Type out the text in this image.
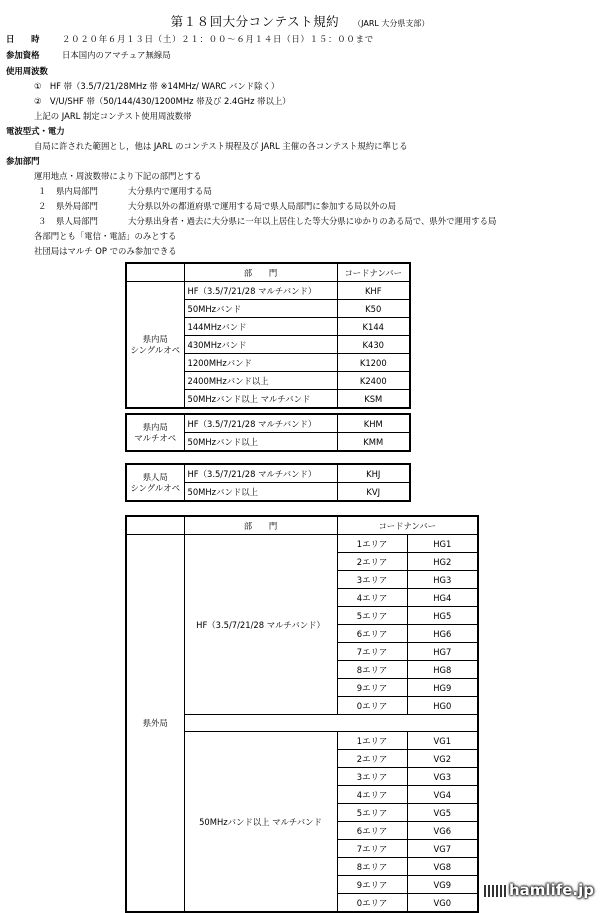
第１８回大分コンテスト規約 （JARL 大分県支部）
日　　時	２０２０年６月１３日（土）２１：００〜６月１４日（日）１５：００まで
参加資格	日本国内のアマチュア無線局
使用周波数
①　HF 帯（3.5/7/21/28MHz 帯 ※14MHz/ WARC バンド除く）
②　V/U/SHF 帯（50/144/430/1200MHz 帯及び 2.4GHz 帯以上）
上記の JARL 制定コンテスト使用周波数帯
電波型式・電力
自局に許された範囲とし，他は JARL のコンテスト規程及び JARL 主催の各コンテスト規約に準じる
参加部門
運用地点・周波数帯により下記の部門とする
１ 県内局部門	大分県内で運用する局
２ 県外局部門	大分県以外の都道府県で運用する局で県人局部門に参加する局以外の局
３ 県人局部門	大分県出身者・過去に大分県に一年以上居住した等大分県にゆかりのある局で、県外で運用する局
各部門とも「電信・電話」のみとする
社団局はマルチ OP でのみ参加できる
	部　　門	コードナンバー
県内局
シングルオペ	HF（3.5/7/21/28 マルチバンド）	KHF
	50MHzバンド	K50
	144MHzバンド	K144
	430MHzバンド	K430
	1200MHzバンド	K1200
	2400MHzバンド以上	K2400
	50MHzバンド以上 マルチバンド	KSM
県内局
マルチオペ	HF（3.5/7/21/28 マルチバンド）	KHM
	50MHzバンド以上	KMM
県人局
シングルオペ	HF（3.5/7/21/28 マルチバンド）	KHJ
	50MHzバンド以上	KVJ
	部　　門	コードナンバー	
県外局	HF（3.5/7/21/28 マルチバンド）	1エリア	HG1
		2エリア	HG2
		3エリア	HG3
		4エリア	HG4
		5エリア	HG5
		6エリア	HG6
		7エリア	HG7
		8エリア	HG8
		9エリア	HG9
		0エリア	HG0

	50MHzバンド以上 マルチバンド	1エリア	VG1
		2エリア	VG2
		3エリア	VG3
		4エリア	VG4
		5エリア	VG5
		6エリア	VG6
		7エリア	VG7
		8エリア	VG8
		9エリア	VG9
		0エリア	VG0
hamlife.jp
